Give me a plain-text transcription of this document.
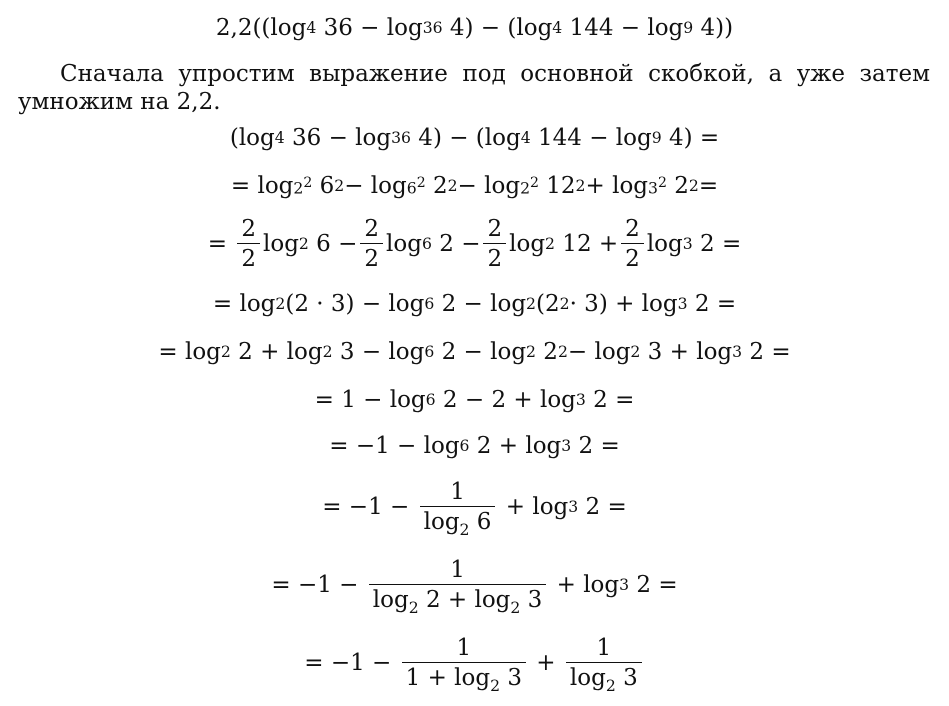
2,2((log 4 36 − log 36 4) − (log 4 144 − log 9 4))
Сначала упростим выражение под основной скобкой, а уже затем умножим на 2,2.
(log 4 36 − log 36 4) − (log 4 144 − log 9 4) =
= $\log 2^2$ 6 $2 - \log 6^2$ 2 $2 - \log 2^2$ 12 $2 + \log 3^2$ 2 2 =
= $\frac{2}{2}$ log 2 $6 - \frac{2}{2}$ log 6 $2 - \frac{2}{2}$ log 2 $12 + \frac{2}{2}$ log 3 2 =
= log 2 (2 · 3) − log 6 2 − log 2 (2 2 · 3) + log 3 2 =
= log 2 2 + log 2 3 − log 6 2 − log 2 2 2 − log 2 3 + log 3 2 =
= 1 − log 6 2 − 2 + log 3 2 =
= −1 − log 6 2 + log 3 2 =
= $-1 - \frac{1}{\log_2 6} + \log 3$ 2 =
= $-1 - \frac{1}{\log_2 2 + \log_2 3} + \log 3$ 2 =
= $-1 - \frac{1}{1 + \log_2 3} + \frac{1}{\log_2 3}$
